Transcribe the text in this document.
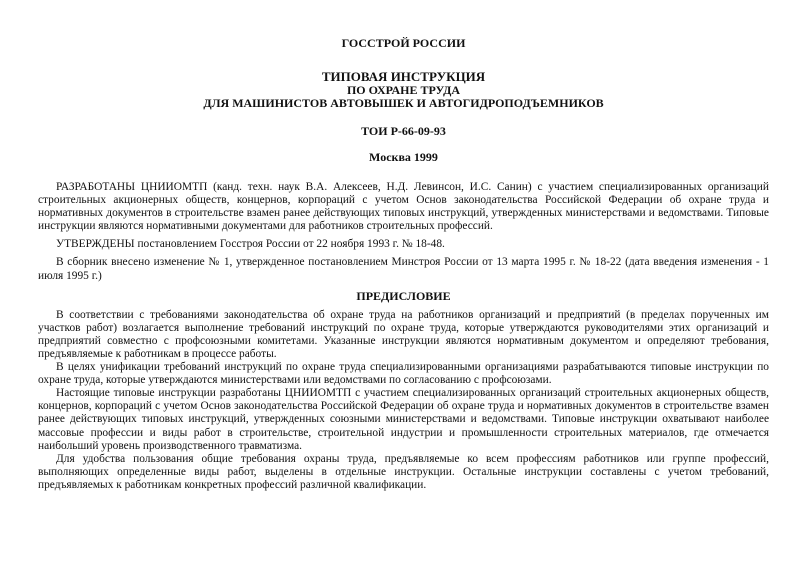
ГОССТРОЙ РОССИИ

ТИПОВАЯ ИНСТРУКЦИЯ

ПО ОХРАНЕ ТРУДА

ДЛЯ МАШИНИСТОВ АВТОВЫШЕК И АВТОГИДРОПОДЪЕМНИКОВ

ТОИ Р-66-09-93

Москва 1999

РАЗРАБОТАНЫ ЦНИИОМТП (канд. техн. наук В.А. Алексеев, Н.Д. Левинсон, И.С. Санин) с участием специализированных организаций строительных акционерных обществ, концернов, корпораций с учетом Основ законодательства Российской Федерации об охране труда и нормативных документов в строительстве взамен ранее действующих типовых инструкций, утвержденных министерствами и ведомствами. Типовые инструкции являются нормативными документами для работников строительных профессий.

УТВЕРЖДЕНЫ постановлением Госстроя России от 22 ноября 1993 г. № 18-48.

В сборник внесено изменение № 1, утвержденное постановлением Минстроя России от 13 марта 1995 г. № 18-22 (дата введения изменения - 1 июля 1995 г.)

ПРЕДИСЛОВИЕ

В соответствии с требованиями законодательства об охране труда на работников организаций и предприятий (в пределах порученных им участков работ) возлагается выполнение требований инструкций по охране труда, которые утверждаются руководителями этих организаций и предприятий совместно с профсоюзными комитетами. Указанные инструкции являются нормативным документом и определяют требования, предъявляемые к работникам в процессе работы.

В целях унификации требований инструкций по охране труда специализированными организациями разрабатываются типовые инструкции по охране труда, которые утверждаются министерствами или ведомствами по согласованию с профсоюзами.

Настоящие типовые инструкции разработаны ЦНИИОМТП с участием специализированных организаций строительных акционерных обществ, концернов, корпораций с учетом Основ законодательства Российской Федерации об охране труда и нормативных документов в строительстве взамен ранее действующих типовых инструкций, утвержденных союзными министерствами и ведомствами. Типовые инструкции охватывают наиболее массовые профессии и виды работ в строительстве, строительной индустрии и промышленности строительных материалов, где отмечается наибольший уровень производственного травматизма.

Для удобства пользования общие требования охраны труда, предъявляемые ко всем профессиям работников или группе профессий, выполняющих определенные виды работ, выделены в отдельные инструкции. Остальные инструкции составлены с учетом требований, предъявляемых к работникам конкретных профессий различной квалификации.
